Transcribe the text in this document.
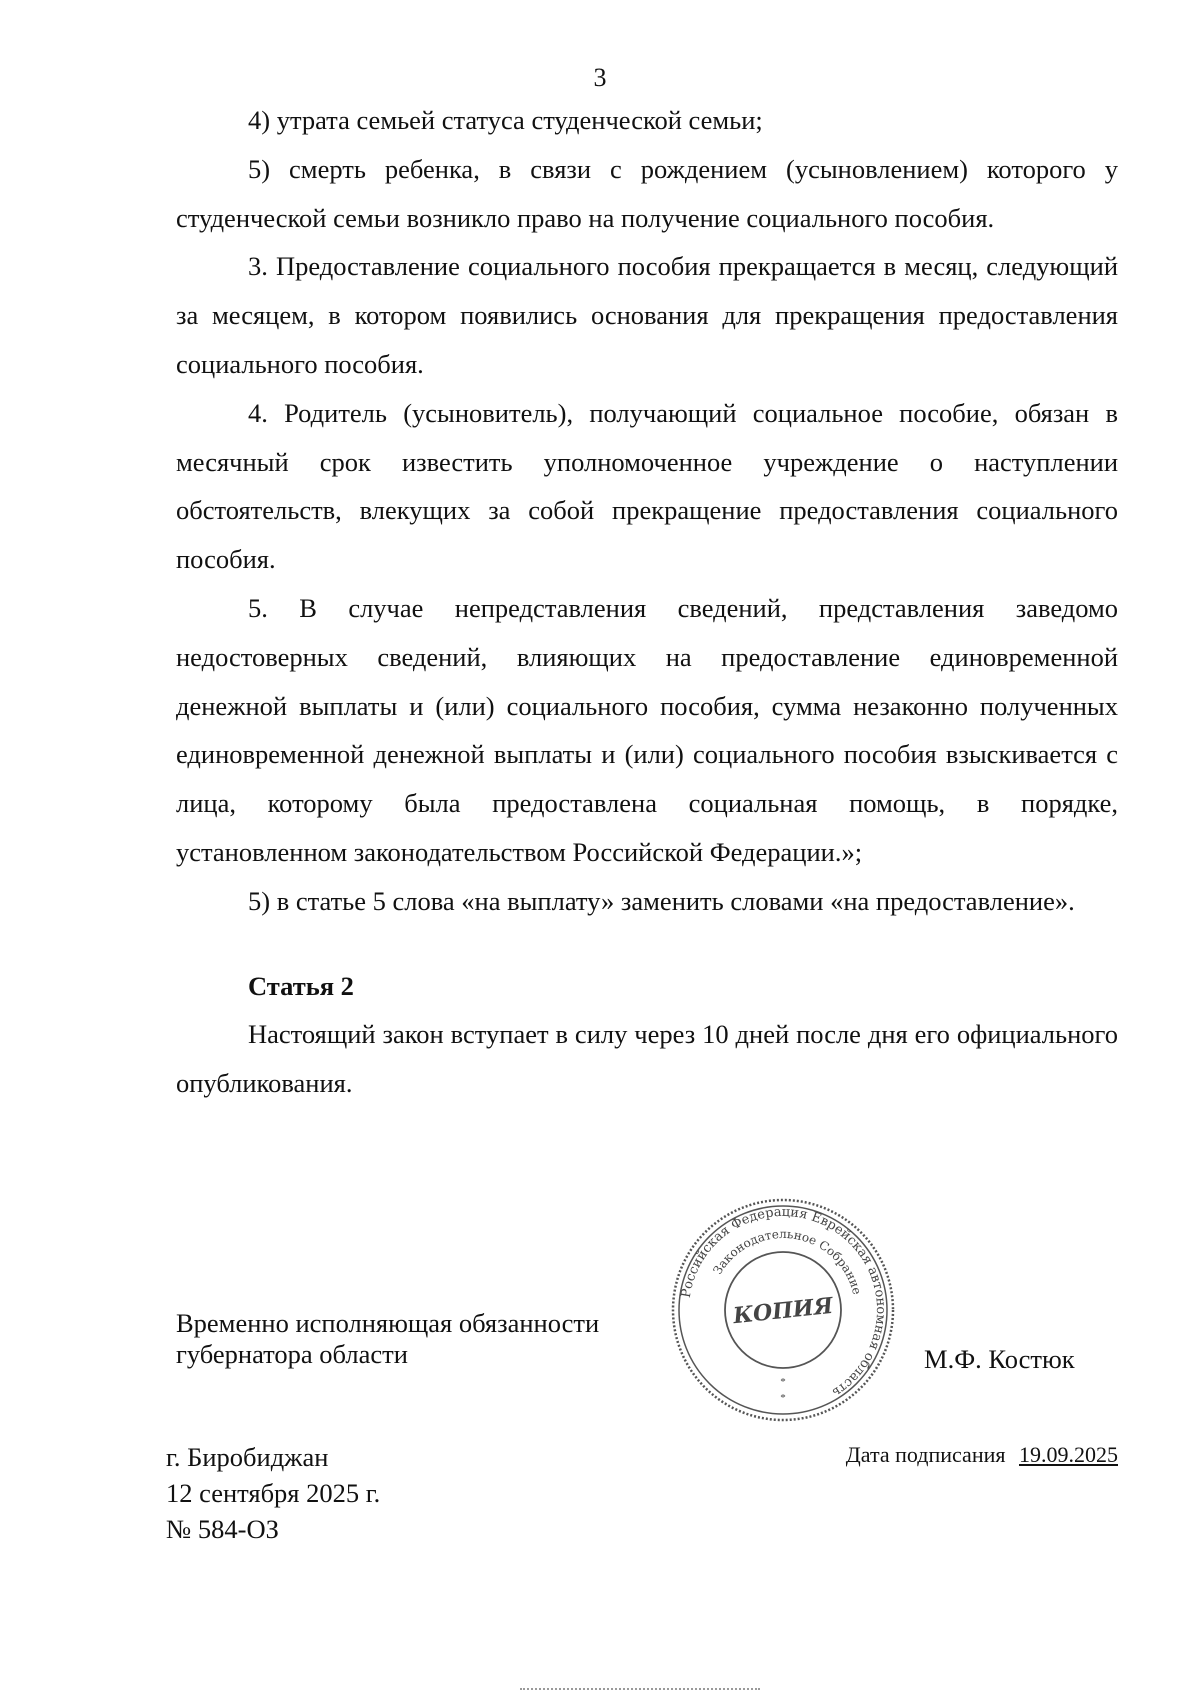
3

4) утрата семьей статуса студенческой семьи;

5) смерть ребенка, в связи с рождением (усыновлением) которого у студенческой семьи возникло право на получение социального пособия.

3. Предоставление социального пособия прекращается в месяц, следующий за месяцем, в котором появились основания для прекращения предоставления социального пособия.

4. Родитель (усыновитель), получающий социальное пособие, обязан в месячный срок известить уполномоченное учреждение о наступлении обстоятельств, влекущих за собой прекращение предоставления социального пособия.

5. В случае непредставления сведений, представления заведомо недостоверных сведений, влияющих на предоставление единовременной денежной выплаты и (или) социального пособия, сумма незаконно полученных единовременной денежной выплаты и (или) социального пособия взыскивается с лица, которому была предоставлена социальная помощь, в порядке, установленном законодательством Российской Федерации.»;

5) в статье 5 слова «на выплату» заменить словами «на предоставление».

Статья 2

Настоящий закон вступает в силу через 10 дней после дня его официального опубликования.

Российская Федерация Еврейская автономная область
Законодательное Собрание
КОПИЯ
*
*
Временно исполняющая обязанности
губернатора области	М.Ф. Костюк
г. Биробиджан
12 сентября 2025 г.
№ 584-ОЗ
Дата подписания 19.09.2025
